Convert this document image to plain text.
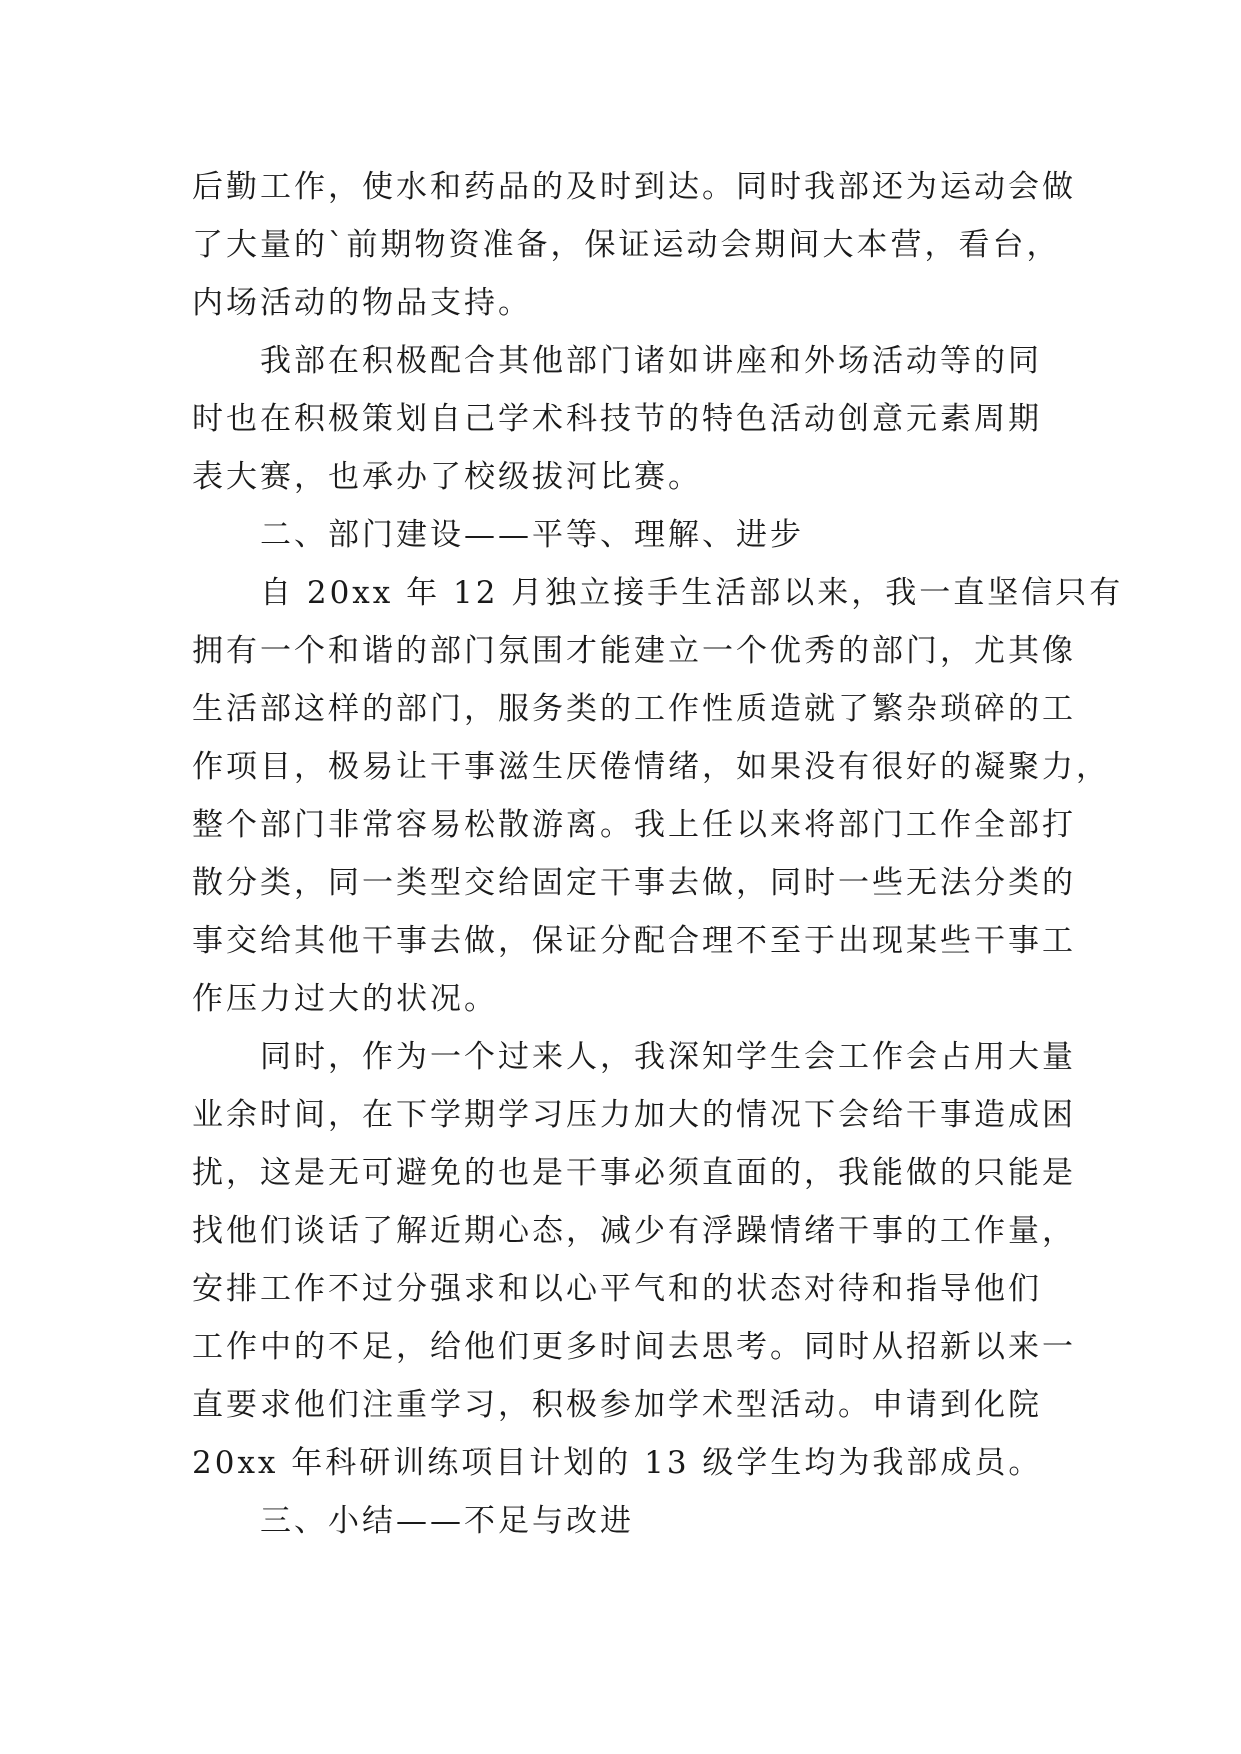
后勤工作，使水和药品的及时到达。同时我部还为运动会做
了大量的`前期物资准备，保证运动会期间大本营，看台，
内场活动的物品支持。
　　我部在积极配合其他部门诸如讲座和外场活动等的同
时也在积极策划自己学术科技节的特色活动创意元素周期
表大赛，也承办了校级拔河比赛。
　　二、部门建设——平等、理解、进步
　　自 20xx 年 12 月独立接手生活部以来，我一直坚信只有
拥有一个和谐的部门氛围才能建立一个优秀的部门，尤其像
生活部这样的部门，服务类的工作性质造就了繁杂琐碎的工
作项目，极易让干事滋生厌倦情绪，如果没有很好的凝聚力，
整个部门非常容易松散游离。我上任以来将部门工作全部打
散分类，同一类型交给固定干事去做，同时一些无法分类的
事交给其他干事去做，保证分配合理不至于出现某些干事工
作压力过大的状况。
　　同时，作为一个过来人，我深知学生会工作会占用大量
业余时间，在下学期学习压力加大的情况下会给干事造成困
扰，这是无可避免的也是干事必须直面的，我能做的只能是
找他们谈话了解近期心态，减少有浮躁情绪干事的工作量，
安排工作不过分强求和以心平气和的状态对待和指导他们
工作中的不足，给他们更多时间去思考。同时从招新以来一
直要求他们注重学习，积极参加学术型活动。申请到化院
20xx 年科研训练项目计划的 13 级学生均为我部成员。
　　三、小结——不足与改进
